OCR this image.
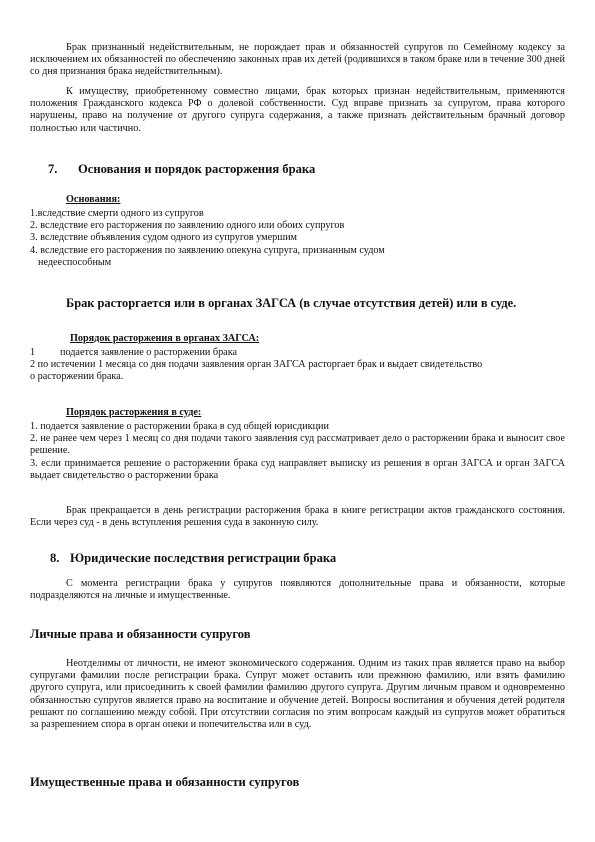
Брак признанный недействительным, не порождает прав и обязанностей супругов по Семейному кодексу за исключением их обязанностей по обеспечению законных прав их детей (родившихся в таком браке или в течение 300 дней со дня признания брака недействительным).

К имуществу, приобретенному совместно лицами, брак которых признан недействительным, применяются положения Гражданского кодекса РФ о долевой собственности. Суд вправе признать за супругом, права которого нарушены, право на получение от другого супруга содержания, а также признать действительным брачный договор полностью или частично.

7. Основания и порядок расторжения брака
Основания:

1.вследствие смерти одного из супругов

2. вследствие его расторжения по заявлению одного или обоих супругов

3. вследствие объявления судом одного из супругов умершим

4. вследствие его расторжения по заявлению опекуна супруга, признанным судом

недееспособным

Брак расторгается или в органах ЗАГСА (в случае отсутствия детей) или в суде.

Порядок расторжения в органах ЗАГСА:

1 подается заявление о расторжении брака

2 по истечении 1 месяца со дня подачи заявления орган ЗАГСА расторгает брак и выдает свидетельство

о расторжении брака.

Порядок расторжения в суде:

1. подается заявление о расторжении брака в суд общей юрисдикции

2. не ранее чем через 1 месяц со дня подачи такого заявления суд рассматривает дело о расторжении брака и выносит свое решение.

3. если принимается решение о расторжении брака суд направляет выписку из решения в орган ЗАГСА и орган ЗАГСА выдает свидетельство о расторжении брака

Брак прекращается в день регистрации расторжения брака в книге регистрации актов гражданского состояния. Если через суд - в день вступления решения суда в законную силу.

8. Юридические последствия регистрации брака

С момента регистрации брака у супругов появляются дополнительные права и обязанности, которые подразделяются на личные и имущественные.

Личные права и обязанности супругов

Неотделимы от личности, не имеют экономического содержания. Одним из таких прав является право на выбор супругами фамилии после регистрации брака. Супруг может оставить или прежнюю фамилию, или взять фамилию другого супруга, или присоединить к своей фамилии фамилию другого супруга. Другим личным правом и одновременно обязанностью супругов является право на воспитание и обучение детей. Вопросы воспитания и обучения детей родителя решают по соглашению между собой. При отсутствии согласия по этим вопросам каждый из супругов может обратиться за разрешением спора в орган опеки и попечительства или в суд.

Имущественные права и обязанности супругов
